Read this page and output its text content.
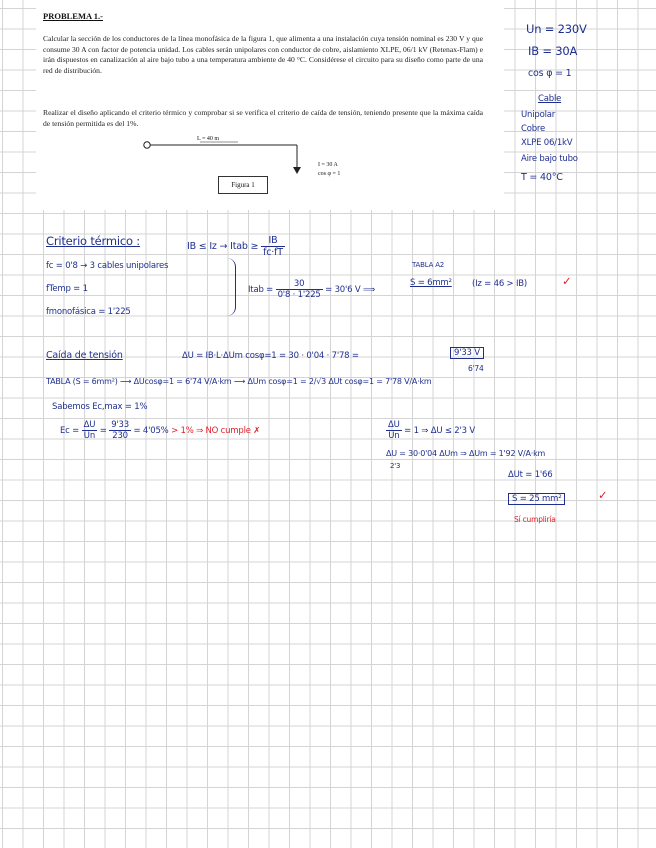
PROBLEMA 1.-
Calcular la sección de los conductores de la línea monofásica de la figura 1, que alimenta a una instalación cuya tensión nominal es 230 V y que consume 30 A con factor de potencia unidad. Los cables serán unipolares con conductor de cobre, aislamiento XLPE, 06/1 kV (Retenax-Flam) e irán dispuestos en canalización al aire bajo tubo a una temperatura ambiente de 40 °C. Considérese el circuito para su diseño como parte de una red de distribución.
Realizar el diseño aplicando el criterio térmico y comprobar si se verifica el criterio de caída de tensión, teniendo presente que la máxima caída de tensión permitida es del 1%.
L = 40 m
I = 30 A
cos φ = 1
Figura 1
Un = 230V
IB = 30A
cos φ = 1
Cable
Unipolar
Cobre
XLPE 06/1kV
Aire bajo tubo
T = 40°C
Criterio térmico :	IB ≤ Iz → Itab ≥ $\frac{IB}{fc\cdot fT}$
fc = 0'8 → 3 cables unipolares
fTemp = 1
fmonofásica = 1'225
Itab = $\frac{30}{0'8 \cdot 1'225} = 30'6$ V ⟹
TABLA A2
S = 6mm² (Iz = 46 > IB)	✓
Caída de tensión	ΔU = IB·L·ΔUm cosφ=1 = 30 · 0'04 · 7'78 =	9'33 V
6'74
TABLA (S = 6mm²) ⟶ ΔUcosφ=1 = 6'74 V/A·km ⟶ ΔUm cosφ=1 = 2/√3 ΔUt cosφ=1 = 7'78 V/A·km
Sabemos Ec,max = 1%
$Ec = \frac{\Delta U}{Un} = \frac{9'33}{230} = 4'05\% > 1\%$ ⇒ NO cumple ✗	$\frac{\Delta U}{Un} = 1$ ⇒ ΔU ≤ 2'3 V
ΔU = 30·0'04 ΔUm ⇒ ΔUm = 1'92 V/A·km
2'3
ΔUt = 1'66
S = 25 mm²	✓
Sí cumpliría
